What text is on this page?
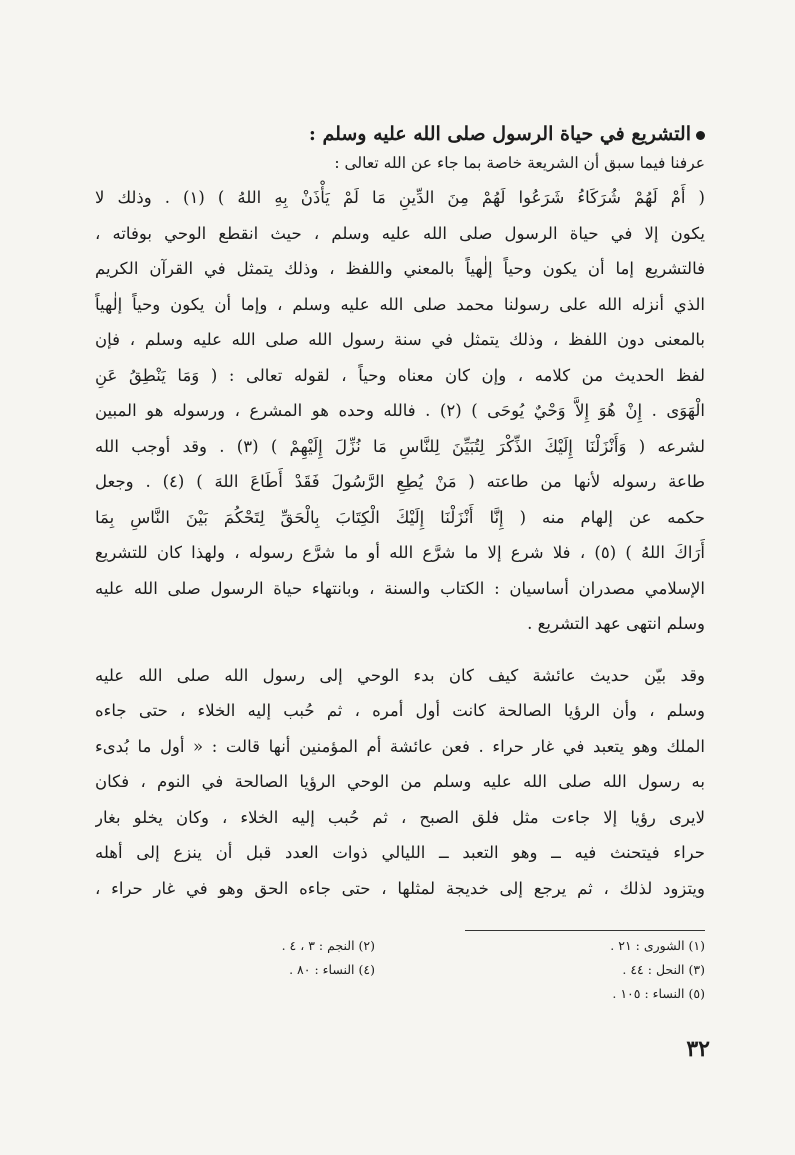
التشريع في حياة الرسول صلى الله عليه وسلم :
عرفنا فيما سبق أن الشريعة خاصة بما جاء عن الله تعالى :
( أَمْ لَهُمْ شُرَكَاءُ شَرَعُوا لَهُمْ مِنَ الدِّينِ مَا لَمْ يَأْذَنْ بِهِ اللهُ ) (١) . وذلك لا
يكون إلا في حياة الرسول صلى الله عليه وسلم ، حيث انقطع الوحي بوفاته ،
فالتشريع إما أن يكون وحياً إلٰهياً بالمعني واللفظ ، وذلك يتمثل في القرآن الكريم
الذي أنزله الله على رسولنا محمد صلى الله عليه وسلم ، وإما أن يكون وحياً إلٰهياً
بالمعنى دون اللفظ ، وذلك يتمثل في سنة رسول الله صلى الله عليه وسلم ، فإن
لفظ الحديث من كلامه ، وإن كان معناه وحياً ، لقوله تعالى : ( وَمَا يَنْطِقُ عَنِ
الْهَوَى . إِنْ هُوَ إِلاَّ وَحْيٌ يُوحَى ) (٢) . فالله وحده هو المشرع ، ورسوله هو المبين
لشرعه ( وَأَنْزَلْنَا إِلَيْكَ الذِّكْرَ لِتُبَيِّنَ لِلنَّاسِ مَا نُزِّلَ إِلَيْهِمْ ) (٣) . وقد أوجب الله
طاعة رسوله لأنها من طاعته ( مَنْ يُطِعِ الرَّسُولَ فَقَدْ أَطَاعَ اللهَ ) (٤) . وجعل
حكمه عن إلهام منه ( إِنَّا أَنْزَلْنَا إِلَيْكَ الْكِتَابَ بِالْحَقِّ لِتَحْكُمَ بَيْنَ النَّاسِ بِمَا
أَرَاكَ اللهُ ) (٥) ، فلا شرع إلا ما شرَّع الله أو ما شرَّع رسوله ، ولهذا كان للتشريع
الإسلامي مصدران أساسيان : الكتاب والسنة ، وبانتهاء حياة الرسول صلى الله عليه
وسلم انتهى عهد التشريع .
وقد بيّن حديث عائشة كيف كان بدء الوحي إلى رسول الله صلى الله عليه
وسلم ، وأن الرؤيا الصالحة كانت أول أمره ، ثم حُبب إليه الخلاء ، حتى جاءه
الملك وهو يتعبد في غار حراء . فعن عائشة أم المؤمنين أنها قالت : « أول ما بُدىء
به رسول الله صلى الله عليه وسلم من الوحي الرؤيا الصالحة في النوم ، فكان
لايرى رؤيا إلا جاءت مثل فلق الصبح ، ثم حُبب إليه الخلاء ، وكان يخلو بغار
حراء فيتحنث فيه ــ وهو التعبد ــ الليالي ذوات العدد قبل أن ينزع إلى أهله
ويتزود لذلك ، ثم يرجع إلى خديجة لمثلها ، حتى جاءه الحق وهو في غار حراء ،
(١) الشورى : ٢١ .
(٢) النجم : ٣ ، ٤ .
(٣) النحل : ٤٤ .
(٤) النساء : ٨٠ .
(٥) النساء : ١٠٥ .
٣٢
